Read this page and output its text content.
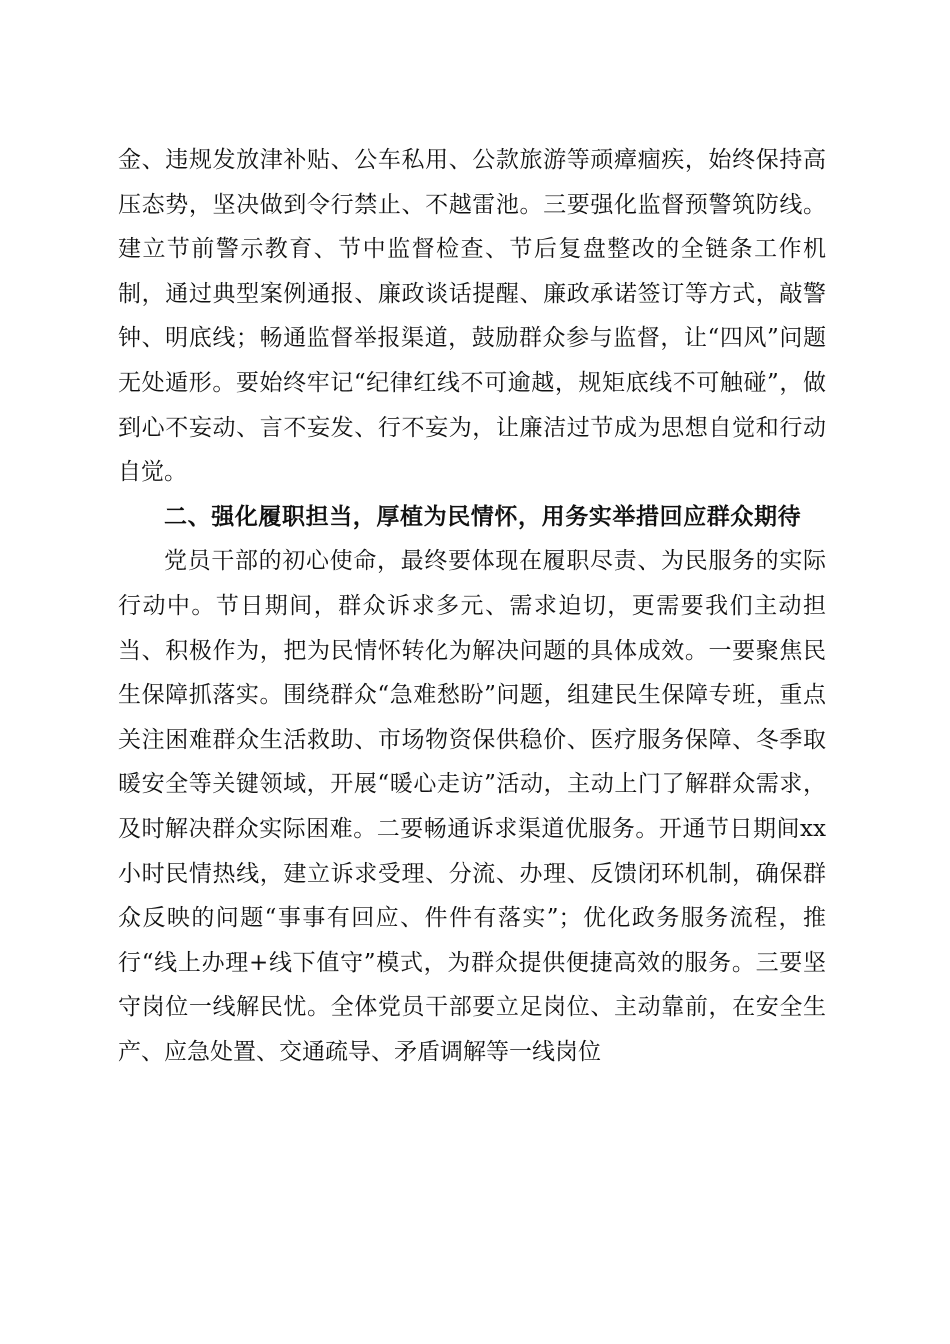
金、违规发放津补贴、公车私用、公款旅游等顽瘴痼疾，始终保持高压态势，坚决做到令行禁止、不越雷池。三要强化监督预警筑防线。建立节前警示教育、节中监督检查、节后复盘整改的全链条工作机制，通过典型案例通报、廉政谈话提醒、廉政承诺签订等方式，敲警钟、明底线；畅通监督举报渠道，鼓励群众参与监督，让“四风”问题无处遁形。要始终牢记“纪律红线不可逾越，规矩底线不可触碰”，做到心不妄动、言不妄发、行不妄为，让廉洁过节成为思想自觉和行动自觉。

二、强化履职担当，厚植为民情怀，用务实举措回应群众期待

党员干部的初心使命，最终要体现在履职尽责、为民服务的实际行动中。节日期间，群众诉求多元、需求迫切，更需要我们主动担当、积极作为，把为民情怀转化为解决问题的具体成效。一要聚焦民生保障抓落实。围绕群众“急难愁盼”问题，组建民生保障专班，重点关注困难群众生活救助、市场物资保供稳价、医疗服务保障、冬季取暖安全等关键领域，开展“暖心走访”活动，主动上门了解群众需求，及时解决群众实际困难。二要畅通诉求渠道优服务。开通节日期间xx小时民情热线，建立诉求受理、分流、办理、反馈闭环机制，确保群众反映的问题“事事有回应、件件有落实”；优化政务服务流程，推行“线上办理+线下值守”模式，为群众提供便捷高效的服务。三要坚守岗位一线解民忧。全体党员干部要立足岗位、主动靠前，在安全生产、应急处置、交通疏导、矛盾调解等一线岗位
